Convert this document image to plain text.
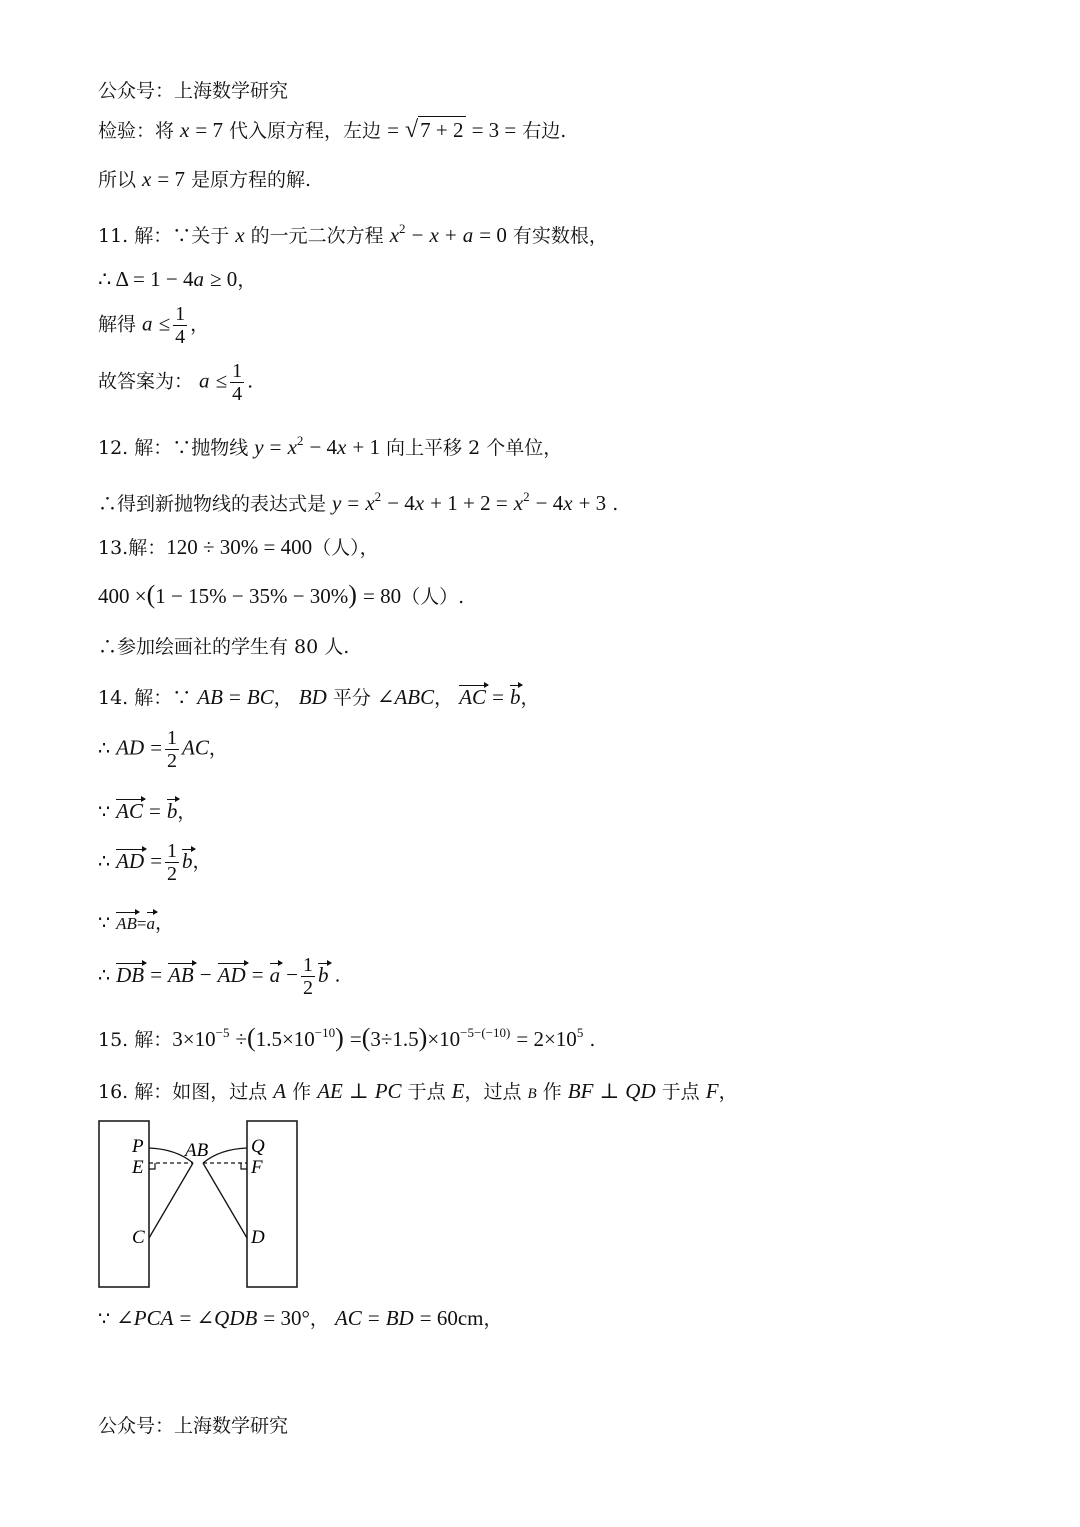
公众号：上海数学研究
检验：将 x = 7 代入原方程，左边 = √7 + 2 = 3 = 右边.
所以 x = 7 是原方程的解.
11. 解：∵关于 x 的一元二次方程 $x^2 - x + a = 0$ 有实数根，
∴ Δ = 1 − 4a ≥ 0，
解得 $a \le \frac{1}{4}$ ，
故答案为： $a \le \frac{1}{4}$ .
12. 解：∵抛物线 $y = x^2 - 4x + 1$ 向上平移 2 个单位，
∴得到新抛物线的表达式是 $y = x^2 - 4x + 1 + 2 = x^2 - 4x + 3$ .
13.解：120 ÷ 30% = 400（人），
400 ×(1 − 15% − 35% − 30%) = 80（人）.
∴参加绘画社的学生有 80 人.
14. 解：∵ AB = BC， BD 平分 ∠ABC， AC = b，
∴ AD = $\frac{1}{2}$ AC，
∵ AC = b，
∴ AD = $\frac{1}{2}$ b，
∵ AB=a，
∴ DB = AB − AD = $a - \frac{1}{2}$ b .
15. 解：$3\times 10^{-5} \div(1.5\times 10^{-10}) =(3\div 1.5)\times 10^{-5-(-10)} = 2\times 10^5$ .
16. 解：如图，过点 A 作 AE ⊥ PC 于点 E，过点 B 作 BF ⊥ QD 于点 F，
P
E
C
AB Q
F
D
∵ ∠PCA = ∠QDB = 30°， AC = BD = 60cm，
公众号：上海数学研究
